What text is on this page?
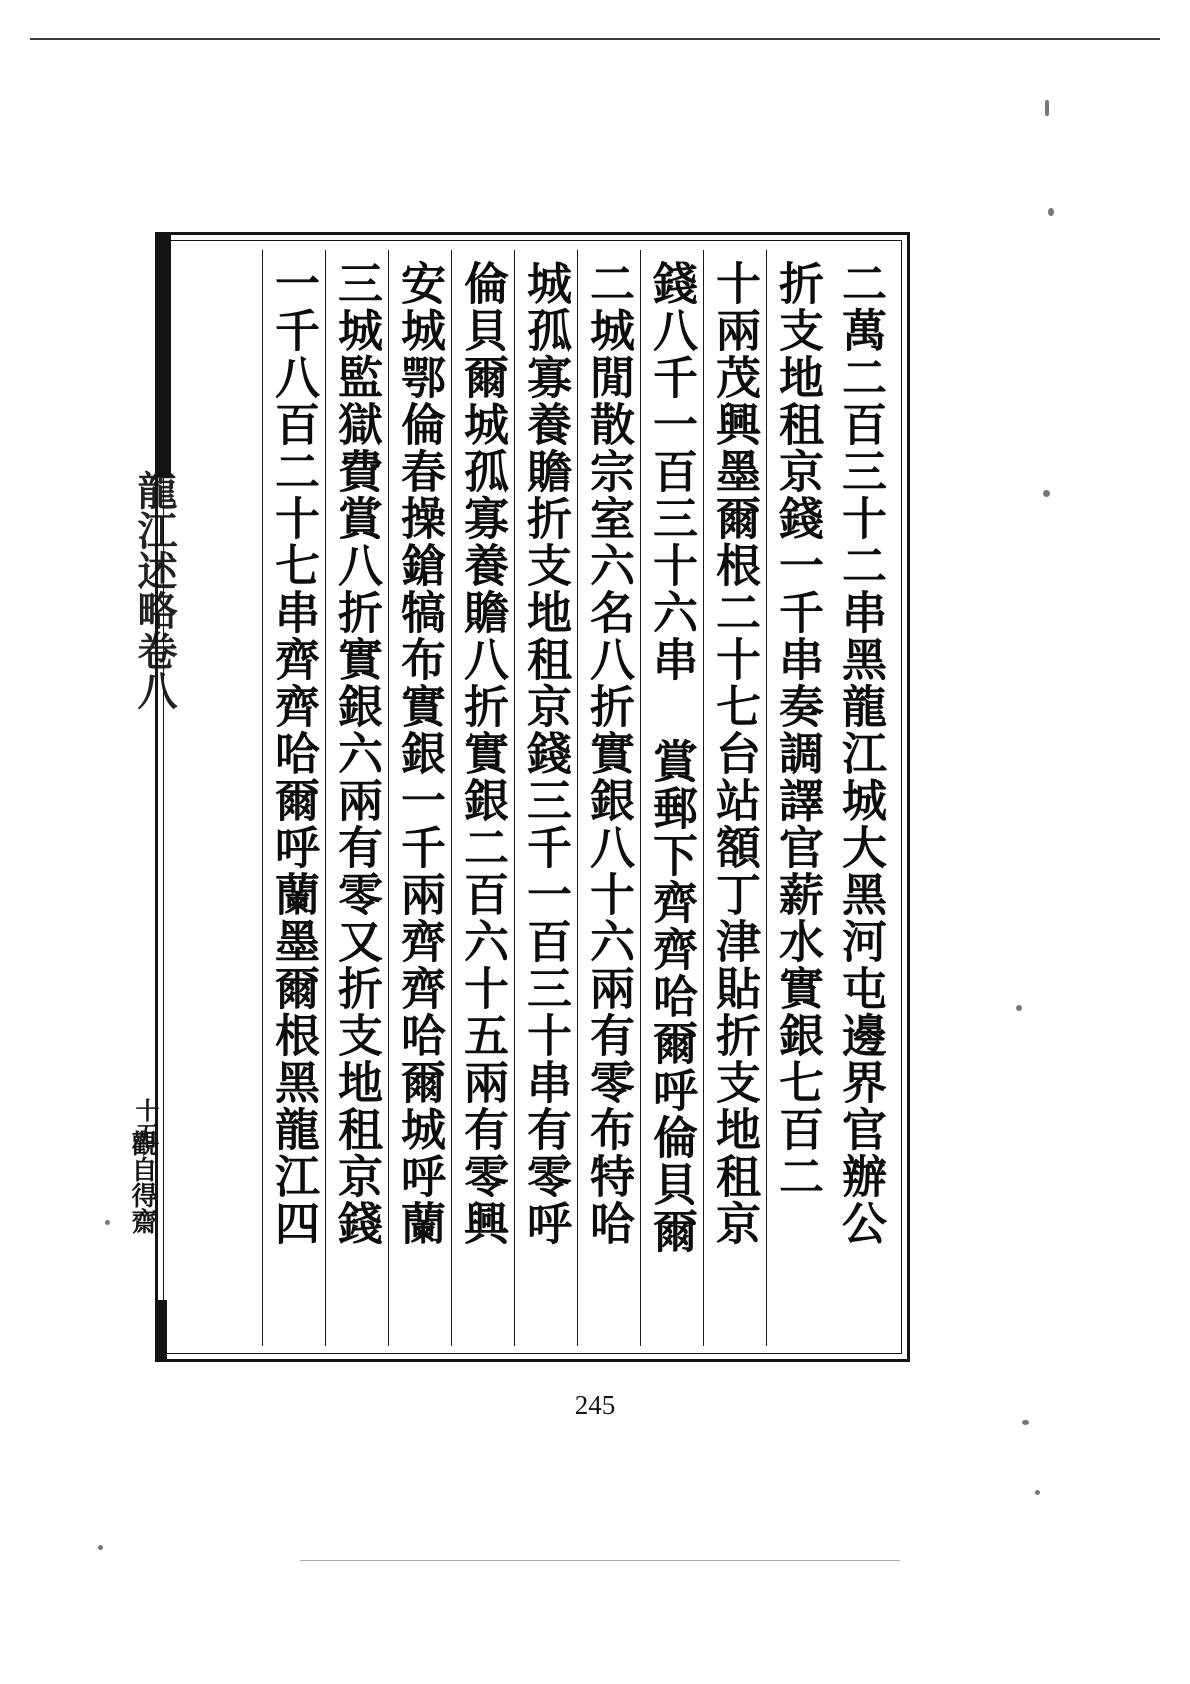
龍江述略卷八
十五
觀自得齋	二萬二百三十二串黑龍江城大黑河屯邊界官辦公
折支地租京錢一千串奏調譯官薪水實銀七百二
十兩茂興墨爾根二十七台站額丁津貼折支地租京
錢八千一百三十六串 賞郵下齊齊哈爾呼倫貝爾
二城閒散宗室六名八折實銀八十六兩有零布特哈
城孤寡養贍折支地租京錢三千一百三十串有零呼
倫貝爾城孤寡養贍八折實銀二百六十五兩有零興
安城鄂倫春操鎗犒布實銀一千兩齊齊哈爾城呼蘭
三城監獄費賞八折實銀六兩有零又折支地租京錢
一千八百二十七串齊齊哈爾呼蘭墨爾根黑龍江四
245
